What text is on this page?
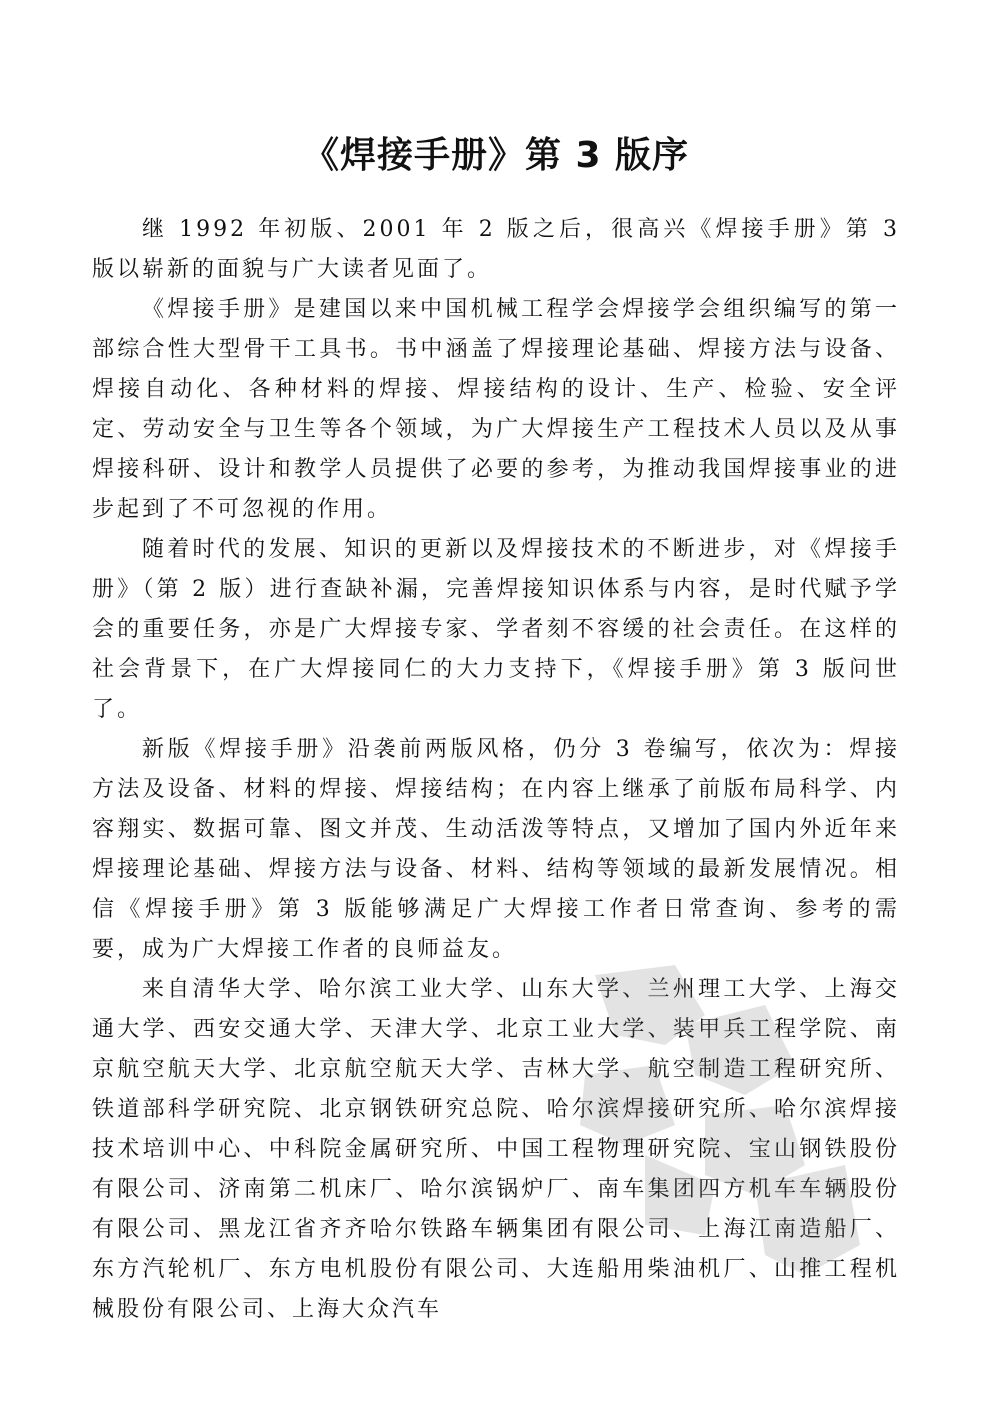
《焊接手册》第 3 版序

继 1992 年初版、2001 年 2 版之后，很高兴《焊接手册》第 3 版以崭新的面貌与广大读者见面了。

《焊接手册》是建国以来中国机械工程学会焊接学会组织编写的第一部综合性大型骨干工具书。书中涵盖了焊接理论基础、焊接方法与设备、焊接自动化、各种材料的焊接、焊接结构的设计、生产、检验、安全评定、劳动安全与卫生等各个领域，为广大焊接生产工程技术人员以及从事焊接科研、设计和教学人员提供了必要的参考，为推动我国焊接事业的进步起到了不可忽视的作用。

随着时代的发展、知识的更新以及焊接技术的不断进步，对《焊接手册》（第 2 版）进行查缺补漏，完善焊接知识体系与内容，是时代赋予学会的重要任务，亦是广大焊接专家、学者刻不容缓的社会责任。在这样的社会背景下，在广大焊接同仁的大力支持下，《焊接手册》第 3 版问世了。

新版《焊接手册》沿袭前两版风格，仍分 3 卷编写，依次为：焊接方法及设备、材料的焊接、焊接结构；在内容上继承了前版布局科学、内容翔实、数据可靠、图文并茂、生动活泼等特点，又增加了国内外近年来焊接理论基础、焊接方法与设备、材料、结构等领域的最新发展情况。相信《焊接手册》第 3 版能够满足广大焊接工作者日常查询、参考的需要，成为广大焊接工作者的良师益友。

来自清华大学、哈尔滨工业大学、山东大学、兰州理工大学、上海交通大学、西安交通大学、天津大学、北京工业大学、装甲兵工程学院、南京航空航天大学、北京航空航天大学、吉林大学、航空制造工程研究所、铁道部科学研究院、北京钢铁研究总院、哈尔滨焊接研究所、哈尔滨焊接技术培训中心、中科院金属研究所、中国工程物理研究院、宝山钢铁股份有限公司、济南第二机床厂、哈尔滨锅炉厂、南车集团四方机车车辆股份有限公司、黑龙江省齐齐哈尔铁路车辆集团有限公司、上海江南造船厂、东方汽轮机厂、东方电机股份有限公司、大连船用柴油机厂、山推工程机械股份有限公司、上海大众汽车
